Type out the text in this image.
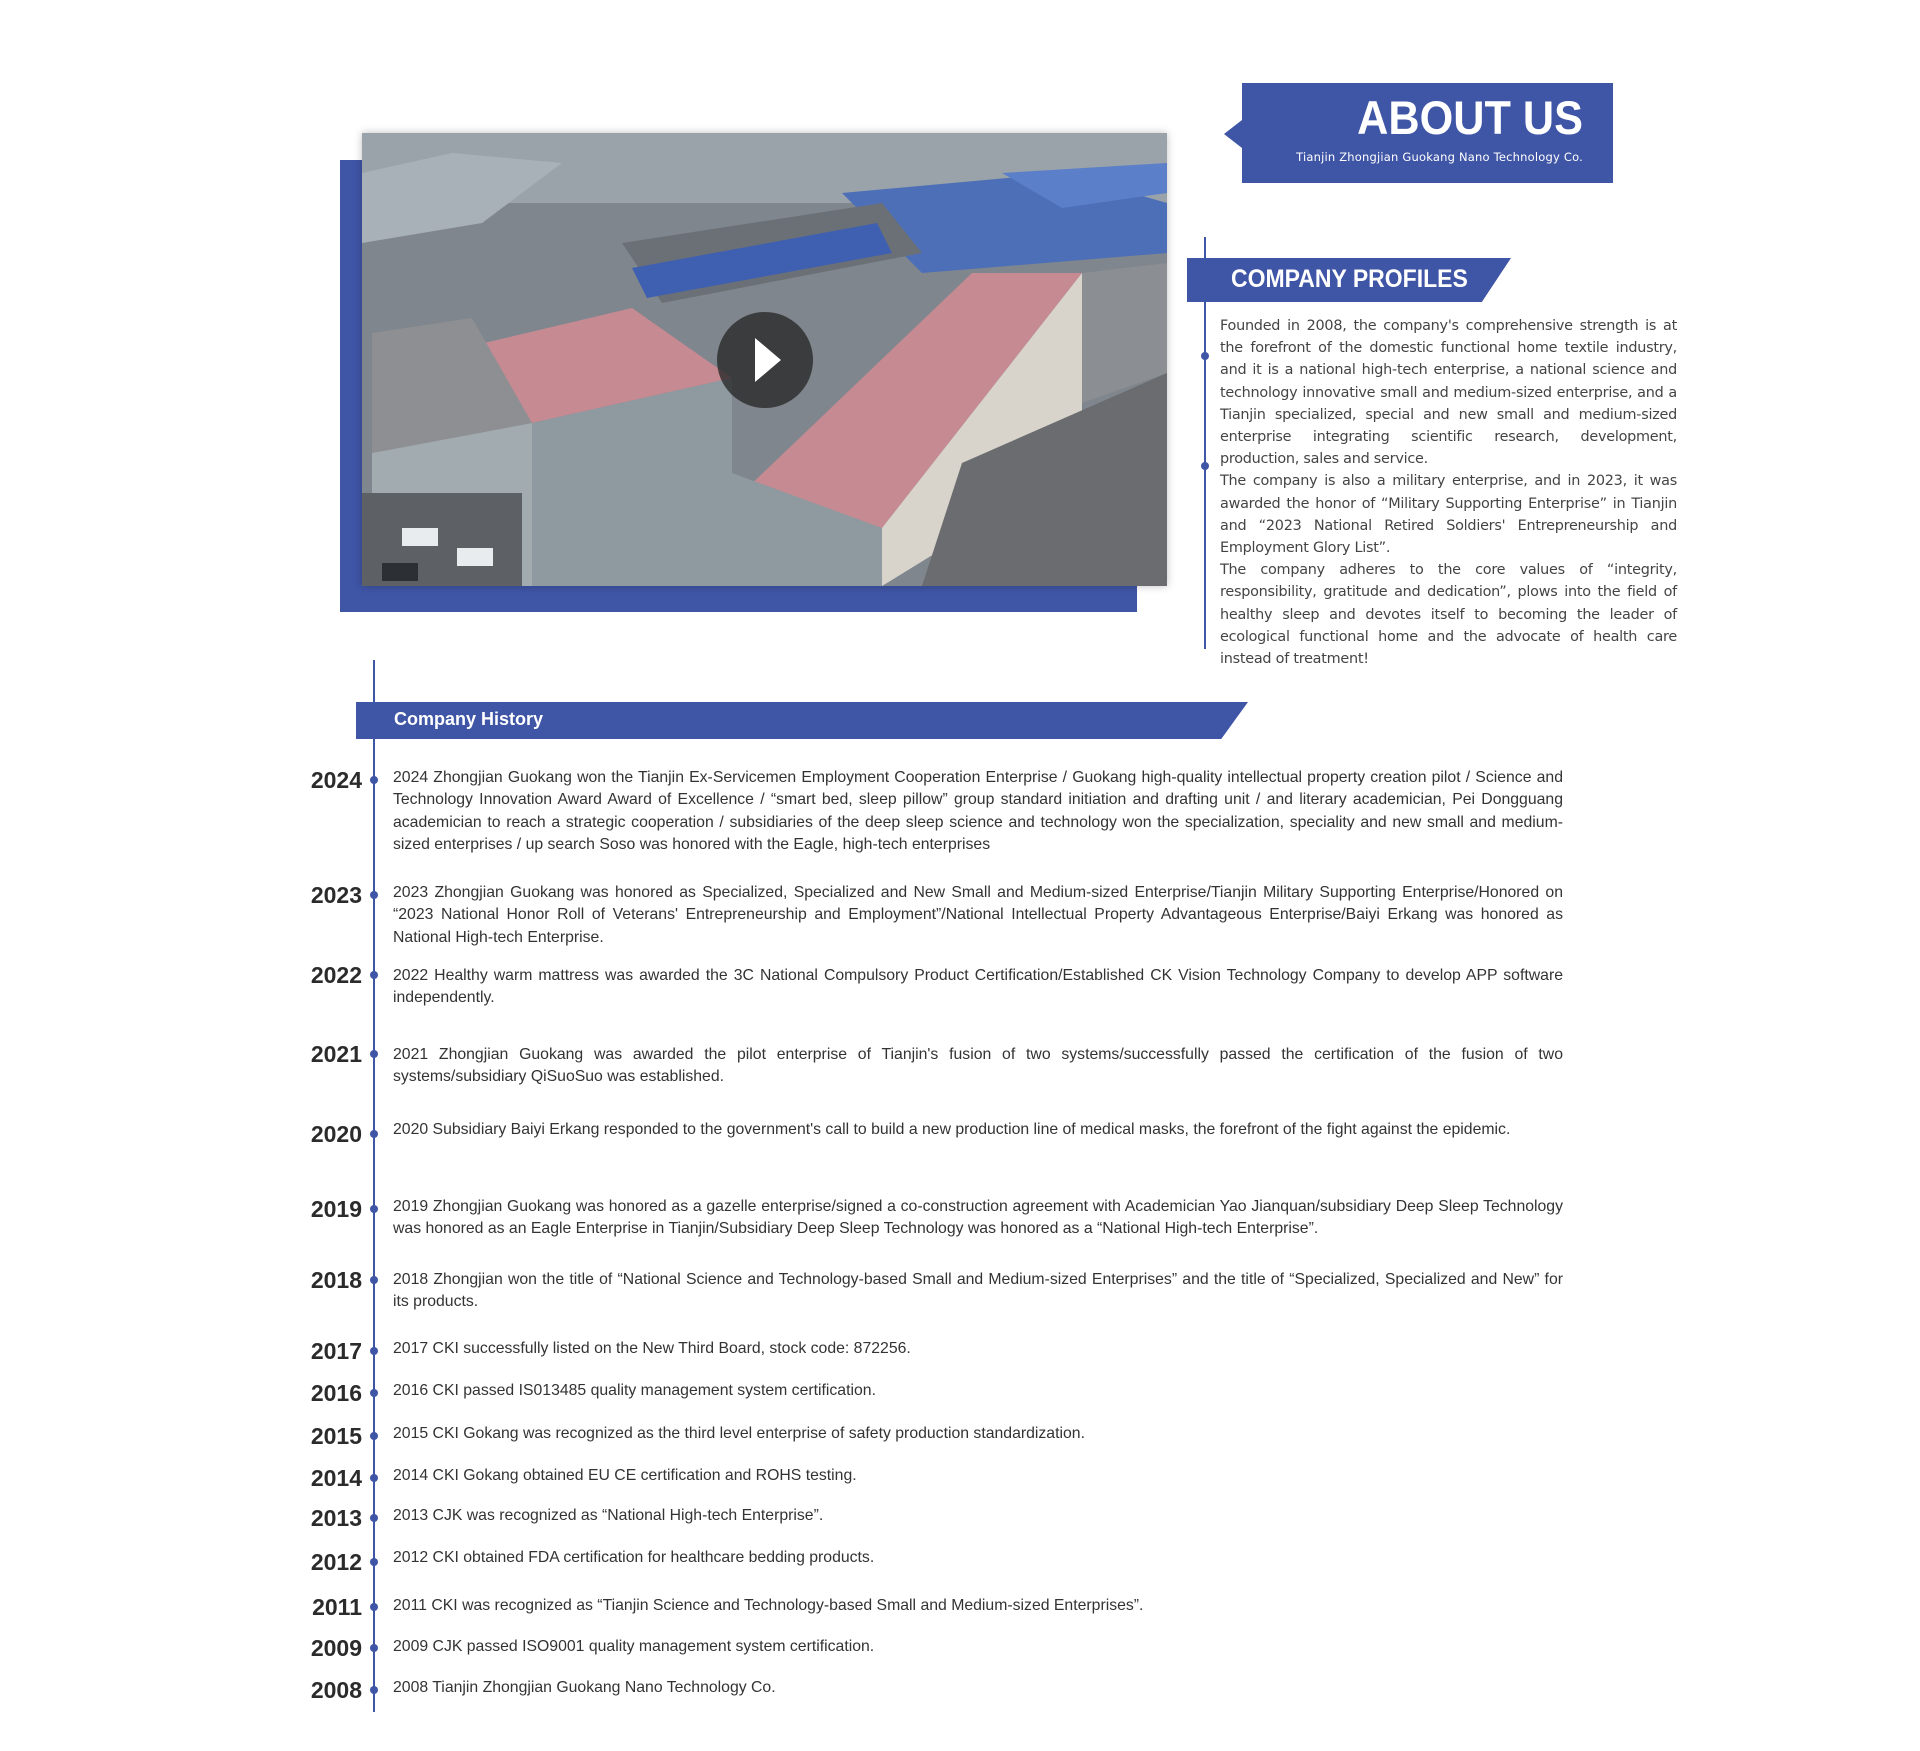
ABOUT US
Tianjin Zhongjian Guokang Nano Technology Co.
COMPANY PROFILES

Founded in 2008, the company's comprehensive strength is at the forefront of the domestic functional home textile industry, and it is a national high-tech enterprise, a national science and technology innovative small and medium-sized enterprise, and a Tianjin specialized, special and new small and medium-sized enterprise integrating scientific research, development, production, sales and service.

The company is also a military enterprise, and in 2023, it was awarded the honor of “Military Supporting Enterprise” in Tianjin and “2023 National Retired Soldiers' Entrepreneurship and Employment Glory List”.

The company adheres to the core values of “integrity, responsibility, gratitude and dedication”, plows into the field of healthy sleep and devotes itself to becoming the leader of ecological functional home and the advocate of health care instead of treatment!

Company History
2024 2024 Zhongjian Guokang won the Tianjin Ex-Servicemen Employment Cooperation Enterprise / Guokang high-quality intellectual property creation pilot / Science and Technology Innovation Award Award of Excellence / “smart bed, sleep pillow” group standard initiation and drafting unit / and literary academician, Pei Dongguang academician to reach a strategic cooperation / subsidiaries of the deep sleep science and technology won the specialization, speciality and new small and medium-sized enterprises / up search Soso was honored with the Eagle, high-tech enterprises
2023 2023 Zhongjian Guokang was honored as Specialized, Specialized and New Small and Medium-sized Enterprise/Tianjin Military Supporting Enterprise/Honored on “2023 National Honor Roll of Veterans' Entrepreneurship and Employment”/National Intellectual Property Advantageous Enterprise/Baiyi Erkang was honored as National High-tech Enterprise.
2022 2022 Healthy warm mattress was awarded the 3C National Compulsory Product Certification/Established CK Vision Technology Company to develop APP software independently.
2021 2021 Zhongjian Guokang was awarded the pilot enterprise of Tianjin's fusion of two systems/successfully passed the certification of the fusion of two systems/subsidiary QiSuoSuo was established.
2020 2020 Subsidiary Baiyi Erkang responded to the government's call to build a new production line of medical masks, the forefront of the fight against the epidemic.
2019 2019 Zhongjian Guokang was honored as a gazelle enterprise/signed a co-construction agreement with Academician Yao Jianquan/subsidiary Deep Sleep Technology was honored as an Eagle Enterprise in Tianjin/Subsidiary Deep Sleep Technology was honored as a “National High-tech Enterprise”.
2018 2018 Zhongjian won the title of “National Science and Technology-based Small and Medium-sized Enterprises” and the title of “Specialized, Specialized and New” for its products.
2017 2017 CKI successfully listed on the New Third Board, stock code: 872256.
2016 2016 CKI passed IS013485 quality management system certification.
2015 2015 CKI Gokang was recognized as the third level enterprise of safety production standardization.
2014 2014 CKI Gokang obtained EU CE certification and ROHS testing.
2013 2013 CJK was recognized as “National High-tech Enterprise”.
2012 2012 CKI obtained FDA certification for healthcare bedding products.
2011 2011 CKI was recognized as “Tianjin Science and Technology-based Small and Medium-sized Enterprises”.
2009 2009 CJK passed ISO9001 quality management system certification.
2008 2008 Tianjin Zhongjian Guokang Nano Technology Co.
